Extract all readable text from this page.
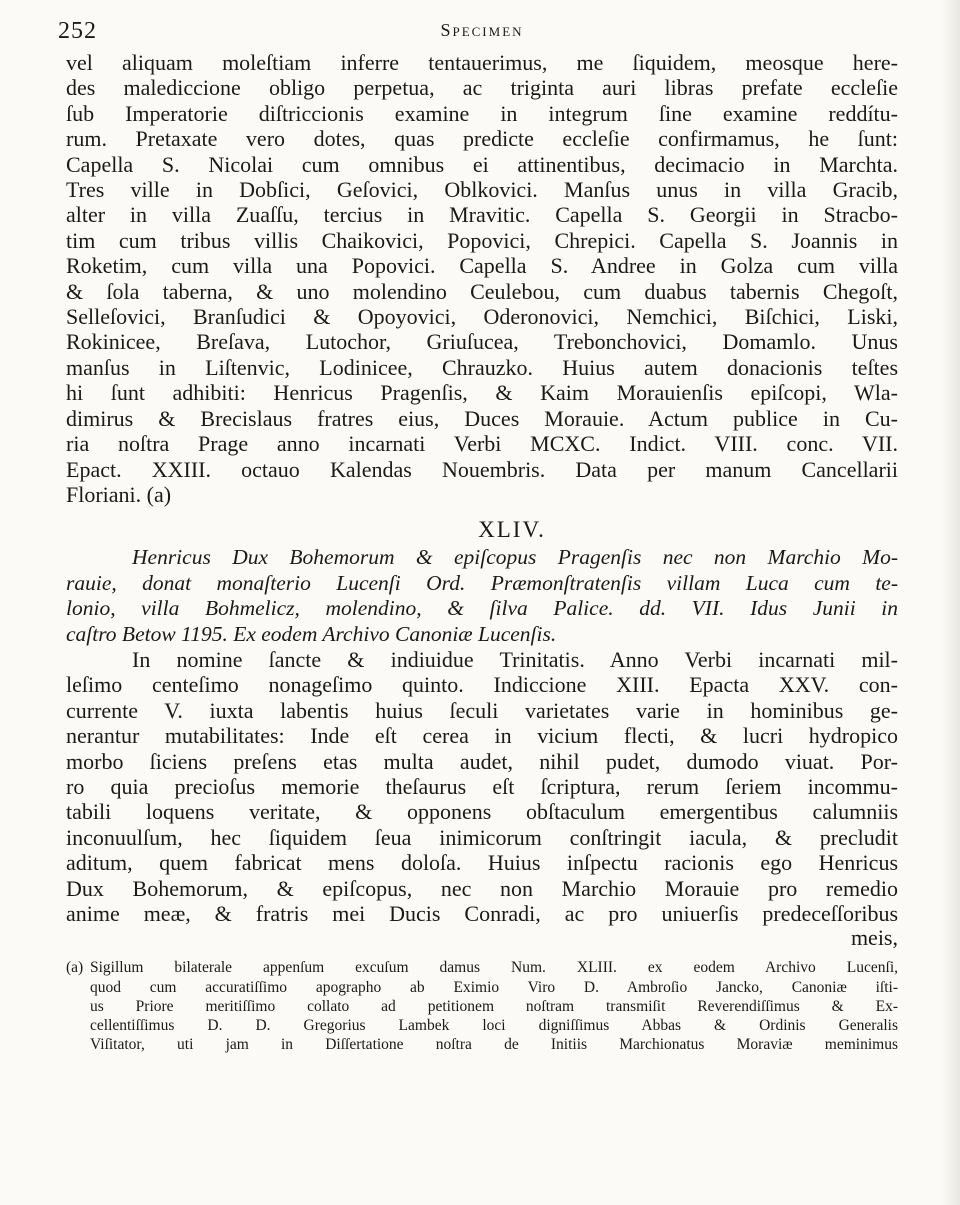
252	Specimen
vel aliquam moleſtiam inferre tentauerimus, me ſiquidem, meosque here-
des malediccione obligo perpetua, ac triginta auri libras prefate eccleſie
ſub Imperatorie diſtriccionis examine in integrum ſine examine reddítu-
rum. Pretaxate vero dotes, quas predicte eccleſie confirmamus, he ſunt:
Capella S. Nicolai cum omnibus ei attinentibus, decimacio in Marchta.
Tres ville in Dobſici, Geſovici, Oblkovici. Manſus unus in villa Gracib,
alter in villa Zuaſſu, tercius in Mravitic. Capella S. Georgii in Stracbo-
tim cum tribus villis Chaikovici, Popovici, Chrepici. Capella S. Joannis in
Roketim, cum villa una Popovici. Capella S. Andree in Golza cum villa
& ſola taberna, & uno molendino Ceulebou, cum duabus tabernis Chegoſt,
Selleſovici, Branſudici & Opoyovici, Oderonovici, Nemchici, Biſchici, Liski,
Rokinicee, Breſava, Lutochor, Griuſucea, Trebonchovici, Domamlo. Unus
manſus in Liſtenvic, Lodinicee, Chrauzko. Huius autem donacionis teſtes
hi ſunt adhibiti: Henricus Pragenſis, & Kaim Morauienſis epiſcopi, Wla-
dimirus & Brecislaus fratres eius, Duces Morauie. Actum publice in Cu-
ria noſtra Prage anno incarnati Verbi MCXC. Indict. VIII. conc. VII.
Epact. XXIII. octauo Kalendas Nouembris. Data per manum Cancellarii
Floriani. (a)
XLIV.
Henricus Dux Bohemorum & epiſcopus Pragenſis nec non Marchio Mo-
rauie, donat monaſterio Lucenſi Ord. Præmonſtratenſis villam Luca cum te-
lonio, villa Bohmelicz, molendino, & ſilva Palice. dd. VII. Idus Junii in
caſtro Betow 1195. Ex eodem Archivo Canoniæ Lucenſis.
In nomine ſancte & indiuidue Trinitatis. Anno Verbi incarnati mil-
leſimo centeſimo nonageſimo quinto. Indiccione XIII. Epacta XXV. con-
currente V. iuxta labentis huius ſeculi varietates varie in hominibus ge-
nerantur mutabilitates: Inde eſt cerea in vicium flecti, & lucri hydropico
morbo ſiciens preſens etas multa audet, nihil pudet, dumodo viuat. Por-
ro quia precioſus memorie theſaurus eſt ſcriptura, rerum ſeriem incommu-
tabili loquens veritate, & opponens obſtaculum emergentibus calumniis
inconuulſum, hec ſiquidem ſeua inimicorum conſtringit iacula, & precludit
aditum, quem fabricat mens doloſa. Huius inſpectu racionis ego Henricus
Dux Bohemorum, & epiſcopus, nec non Marchio Morauie pro remedio
anime meæ, & fratris mei Ducis Conradi, ac pro uniuerſis predeceſſoribus
meis,
(a) Sigillum bilaterale appenſum excuſum damus Num. XLIII. ex eodem Archivo Lucenſi,
quod cum accuratiſſimo apographo ab Eximio Viro D. Ambroſio Jancko, Canoniæ iſti-
us Priore meritiſſimo collato ad petitionem noſtram transmiſit Reverendiſſimus & Ex-
cellentiſſimus D. D. Gregorius Lambek loci digniſſimus Abbas & Ordinis Generalis
Viſitator, uti jam in Diſſertatione noſtra de Initiis Marchionatus Moraviæ meminimus
